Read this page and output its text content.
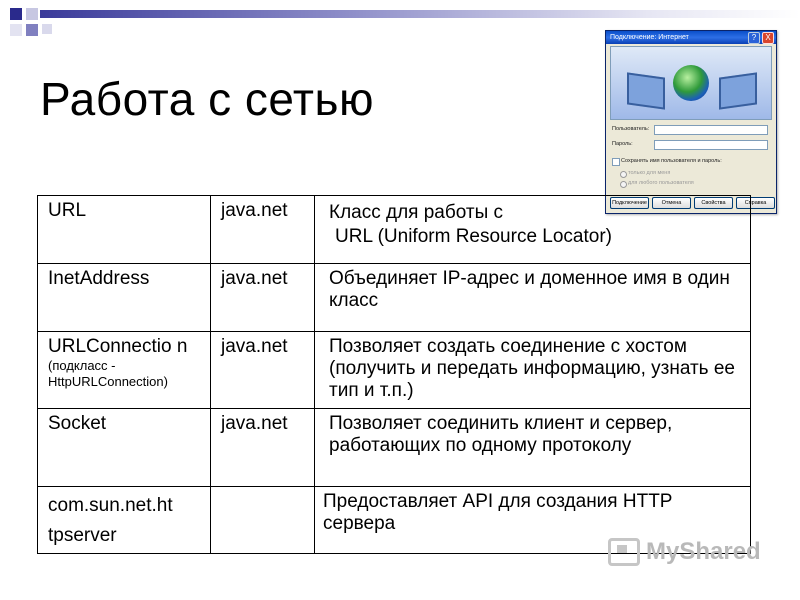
Работа с сетью
Подключение: Интернет	?	X
Пользователь:
Пароль:
Сохранять имя пользователя и пароль:
только для меня
для любого пользователя
Подключение	Отмена	Свойства	Справка
URL	java.net	Класс для работы с
URL (Uniform Resource Locator)

InetAddress	java.net	Объединяет IP-адрес и доменное имя в один класс

URLConnectio n
(подкласс - HttpURLConnection)	java.net	Позволяет создать соединение с хостом (получить и передать информацию, узнать ее тип и т.п.)

Socket	java.net	Позволяет соединить клиент и сервер, работающих по одному протоколу

com.sun.net.ht tpserver		Предоставляет API для создания HTTP сервера
MyShared
